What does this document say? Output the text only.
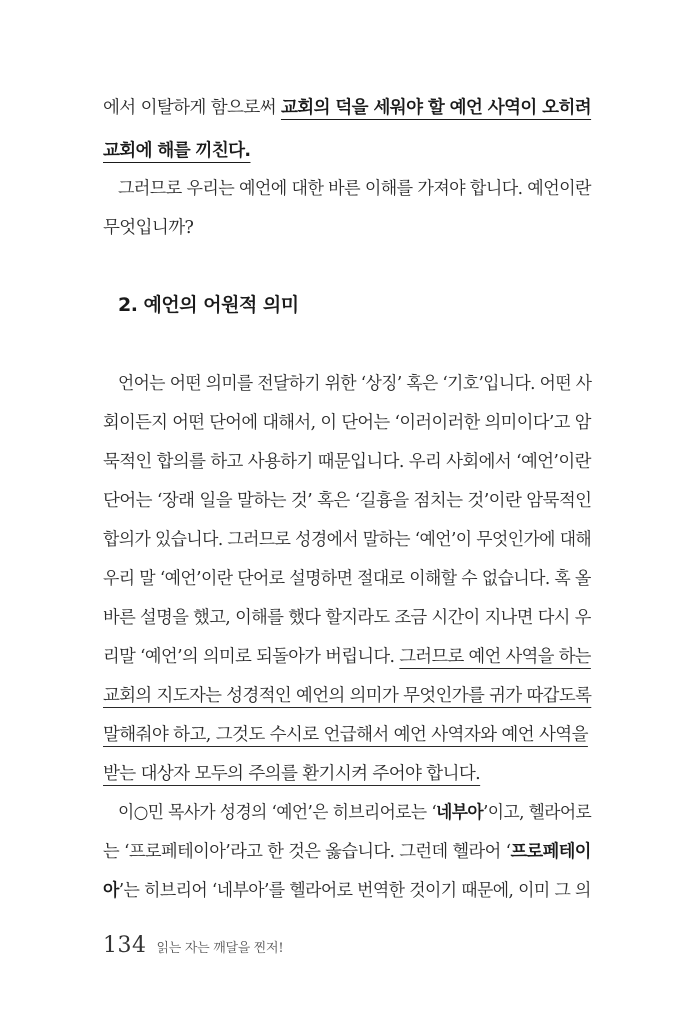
에서 이탈하게 함으로써 교회의 덕을 세워야 할 예언 사역이 오히려
교회에 해를 끼친다.
그러므로 우리는 예언에 대한 바른 이해를 가져야 합니다. 예언이란
무엇입니까?
2. 예언의 어원적 의미
언어는 어떤 의미를 전달하기 위한 ‘상징’ 혹은 ‘기호’입니다. 어떤 사
회이든지 어떤 단어에 대해서, 이 단어는 ‘이러이러한 의미이다’고 암
묵적인 합의를 하고 사용하기 때문입니다. 우리 사회에서 ‘예언’이란
단어는 ‘장래 일을 말하는 것’ 혹은 ‘길흉을 점치는 것’이란 암묵적인
합의가 있습니다. 그러므로 성경에서 말하는 ‘예언’이 무엇인가에 대해
우리 말 ‘예언’이란 단어로 설명하면 절대로 이해할 수 없습니다. 혹 올
바른 설명을 했고, 이해를 했다 할지라도 조금 시간이 지나면 다시 우
리말 ‘예언’의 의미로 되돌아가 버립니다. 그러므로 예언 사역을 하는
교회의 지도자는 성경적인 예언의 의미가 무엇인가를 귀가 따갑도록
말해줘야 하고, 그것도 수시로 언급해서 예언 사역자와 예언 사역을
받는 대상자 모두의 주의를 환기시켜 주어야 합니다.
이○민 목사가 성경의 ‘예언’은 히브리어로는 ‘네부아’이고, 헬라어로
는 ‘프로페테이아’라고 한 것은 옳습니다. 그런데 헬라어 ‘프로페테이
아’는 히브리어 ‘네부아’를 헬라어로 번역한 것이기 때문에, 이미 그 의
134 읽는 자는 깨달을 찐저!
